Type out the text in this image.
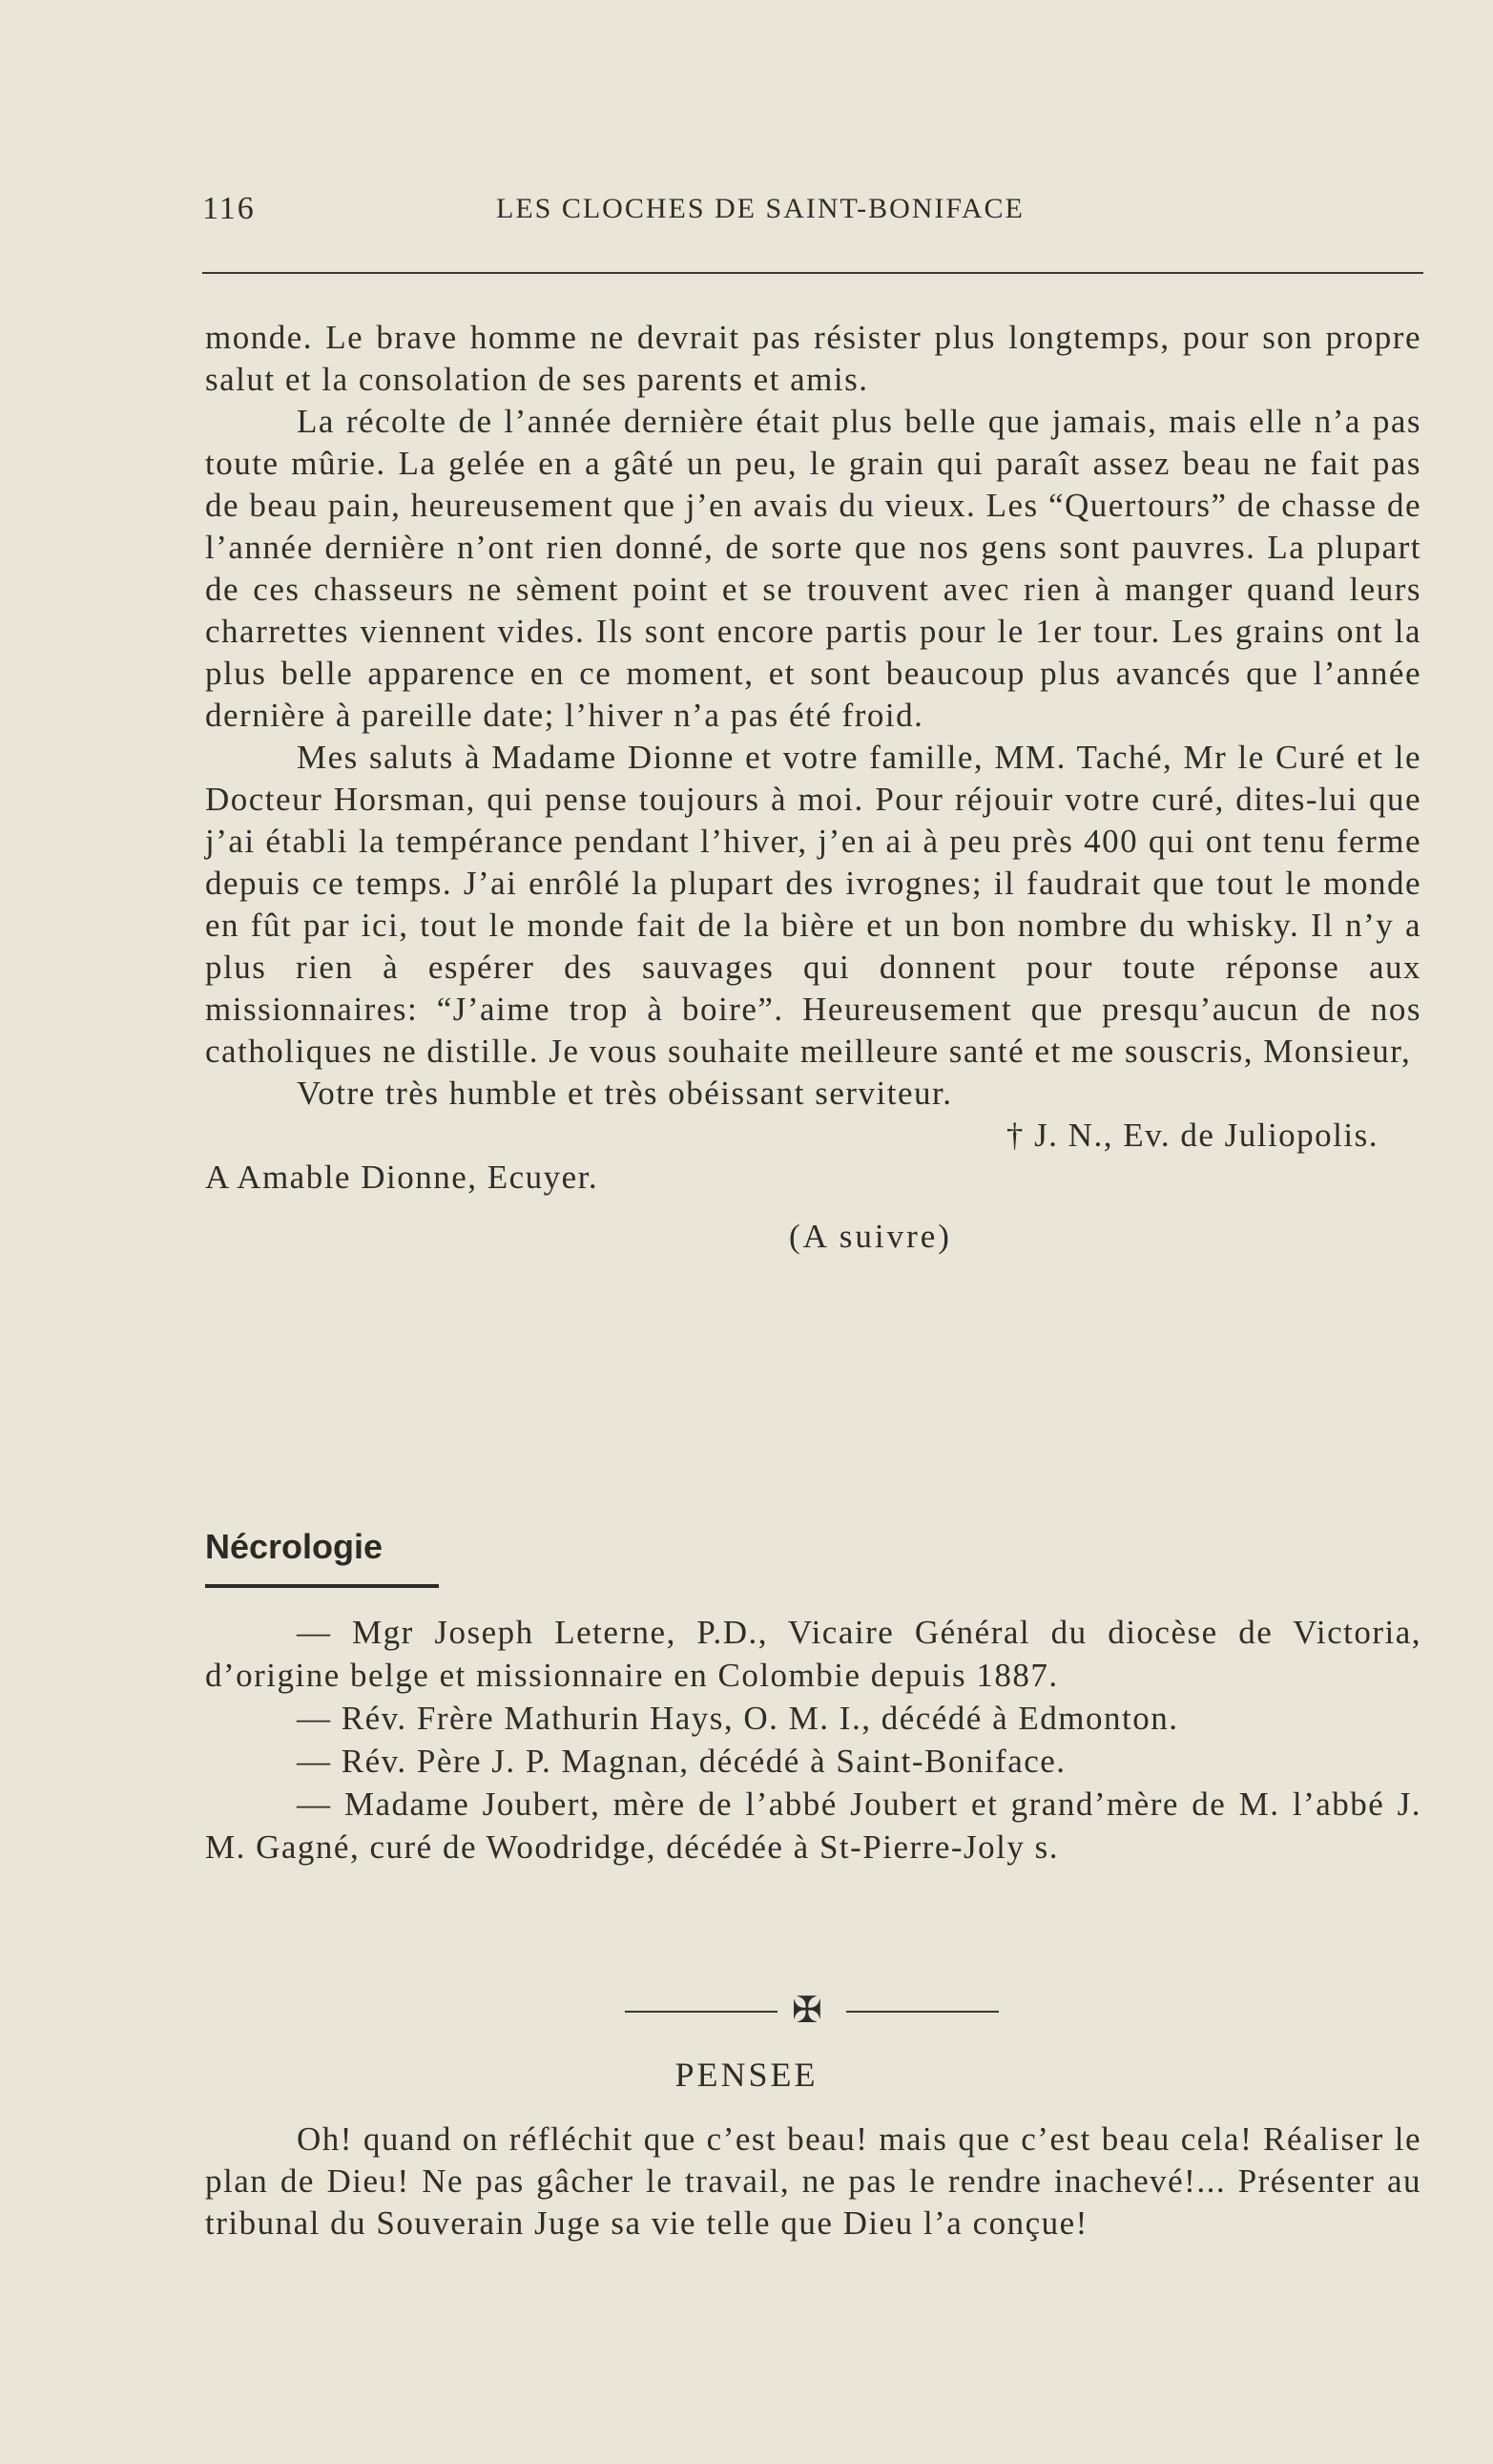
116	LES CLOCHES DE SAINT-BONIFACE

monde. Le brave homme ne devrait pas résister plus longtemps, pour son propre salut et la consolation de ses parents et amis.

La récolte de l’année dernière était plus belle que jamais, mais elle n’a pas toute mûrie. La gelée en a gâté un peu, le grain qui paraît assez beau ne fait pas de beau pain, heureusement que j’en avais du vieux. Les “Quertours” de chasse de l’année dernière n’ont rien donné, de sorte que nos gens sont pauvres. La plupart de ces chasseurs ne sèment point et se trouvent avec rien à manger quand leurs charrettes viennent vides. Ils sont encore partis pour le 1er tour. Les grains ont la plus belle apparence en ce moment, et sont beaucoup plus avancés que l’année dernière à pareille date; l’hiver n’a pas été froid.

Mes saluts à Madame Dionne et votre famille, MM. Taché, Mr le Curé et le Docteur Horsman, qui pense toujours à moi. Pour réjouir votre curé, dites-lui que j’ai établi la tempérance pendant l’hiver, j’en ai à peu près 400 qui ont tenu ferme depuis ce temps. J’ai enrôlé la plupart des ivrognes; il faudrait que tout le monde en fût par ici, tout le monde fait de la bière et un bon nombre du whisky. Il n’y a plus rien à espérer des sauvages qui donnent pour toute réponse aux missionnaires: “J’aime trop à boire”. Heureusement que presqu’aucun de nos catholiques ne distille. Je vous souhaite meilleure santé et me souscris, Monsieur,

Votre très humble et très obéissant serviteur.

† J. N., Ev. de Juliopolis.

A Amable Dionne, Ecuyer.

(A suivre)

Nécrologie

— Mgr Joseph Leterne, P.D., Vicaire Général du diocèse de Victoria, d’origine belge et missionnaire en Colombie depuis 1887.

— Rév. Frère Mathurin Hays, O. M. I., décédé à Edmonton.

— Rév. Père J. P. Magnan, décédé à Saint-Boniface.

— Madame Joubert, mère de l’abbé Joubert et grand’mère de M. l’abbé J. M. Gagné, curé de Woodridge, décédée à St-Pierre-Joly s.

✠
PENSEE

Oh! quand on réfléchit que c’est beau! mais que c’est beau cela! Réaliser le plan de Dieu! Ne pas gâcher le travail, ne pas le rendre inachevé!... Présenter au tribunal du Souverain Juge sa vie telle que Dieu l’a conçue!
